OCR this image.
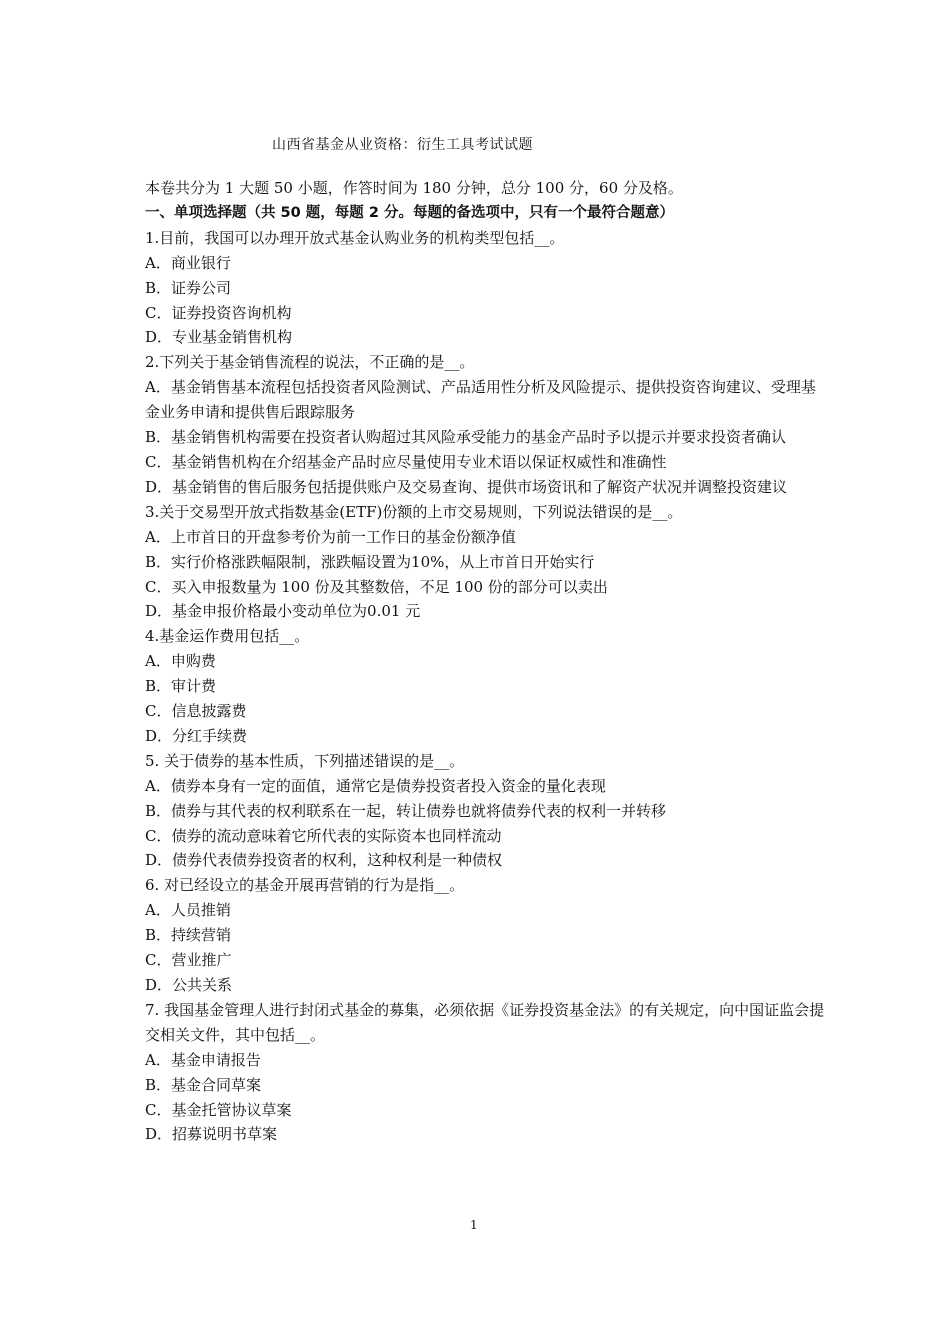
山西省基金从业资格：衍生工具考试试题
本卷共分为 1 大题 50 小题，作答时间为 180 分钟，总分 100 分，60 分及格。
一、单项选择题（共 50 题，每题 2 分。每题的备选项中，只有一个最符合题意）
1.目前，我国可以办理开放式基金认购业务的机构类型包括__。
A．商业银行
B．证券公司
C．证券投资咨询机构
D．专业基金销售机构
2.下列关于基金销售流程的说法，不正确的是__。
A．基金销售基本流程包括投资者风险测试、产品适用性分析及风险提示、提供投资咨询建议、受理基金业务申请和提供售后跟踪服务
B．基金销售机构需要在投资者认购超过其风险承受能力的基金产品时予以提示并要求投资者确认
C．基金销售机构在介绍基金产品时应尽量使用专业术语以保证权威性和准确性
D．基金销售的售后服务包括提供账户及交易查询、提供市场资讯和了解资产状况并调整投资建议
3.关于交易型开放式指数基金(ETF)份额的上市交易规则，下列说法错误的是__。
A．上市首日的开盘参考价为前一工作日的基金份额净值
B．实行价格涨跌幅限制，涨跌幅设置为10%，从上市首日开始实行
C．买入申报数量为 100 份及其整数倍，不足 100 份的部分可以卖出
D．基金申报价格最小变动单位为0.01 元
4.基金运作费用包括__。
A．申购费
B．审计费
C．信息披露费
D．分红手续费
5. 关于债券的基本性质，下列描述错误的是__。
A．债券本身有一定的面值，通常它是债券投资者投入资金的量化表现
B．债券与其代表的权利联系在一起，转让债券也就将债券代表的权利一并转移
C．债券的流动意味着它所代表的实际资本也同样流动
D．债券代表债券投资者的权利，这种权利是一种债权
6. 对已经设立的基金开展再营销的行为是指__。
A．人员推销
B．持续营销
C．营业推广
D．公共关系
7. 我国基金管理人进行封闭式基金的募集，必须依据《证券投资基金法》的有关规定，向中国证监会提交相关文件，其中包括__。
A．基金申请报告
B．基金合同草案
C．基金托管协议草案
D．招募说明书草案
1
